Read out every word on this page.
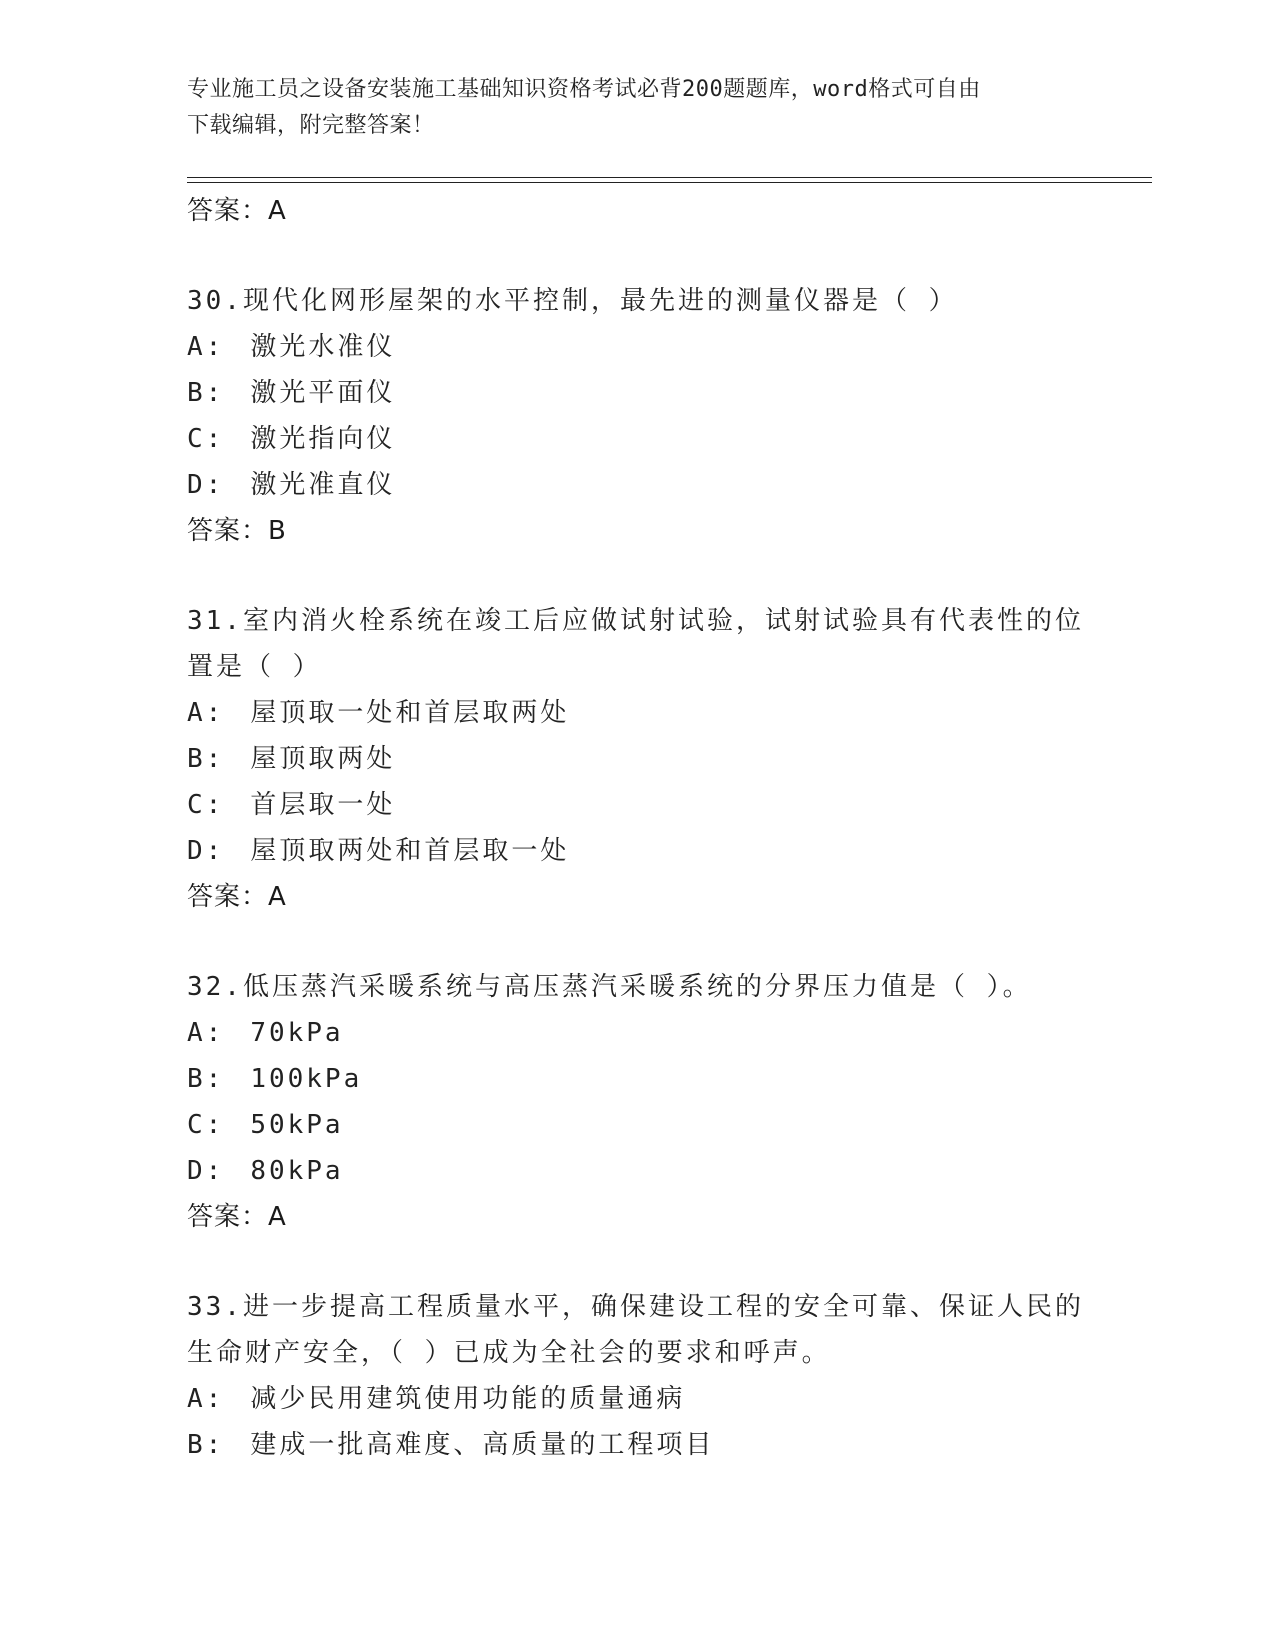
专业施工员之设备安装施工基础知识资格考试必背200题题库，word格式可自由
下载编辑，附完整答案！
答案：A
30.现代化网形屋架的水平控制，最先进的测量仪器是（ ）
A: 激光水准仪
B: 激光平面仪
C: 激光指向仪
D: 激光准直仪
答案：B
31.室内消火栓系统在竣工后应做试射试验，试射试验具有代表性的位
置是（ ）
A: 屋顶取一处和首层取两处
B: 屋顶取两处
C: 首层取一处
D: 屋顶取两处和首层取一处
答案：A
32.低压蒸汽采暖系统与高压蒸汽采暖系统的分界压力值是（ ）。
A: 70kPa
B: 100kPa
C: 50kPa
D: 80kPa
答案：A
33.进一步提高工程质量水平，确保建设工程的安全可靠、保证人民的
生命财产安全，（ ）已成为全社会的要求和呼声。
A: 减少民用建筑使用功能的质量通病
B: 建成一批高难度、高质量的工程项目
